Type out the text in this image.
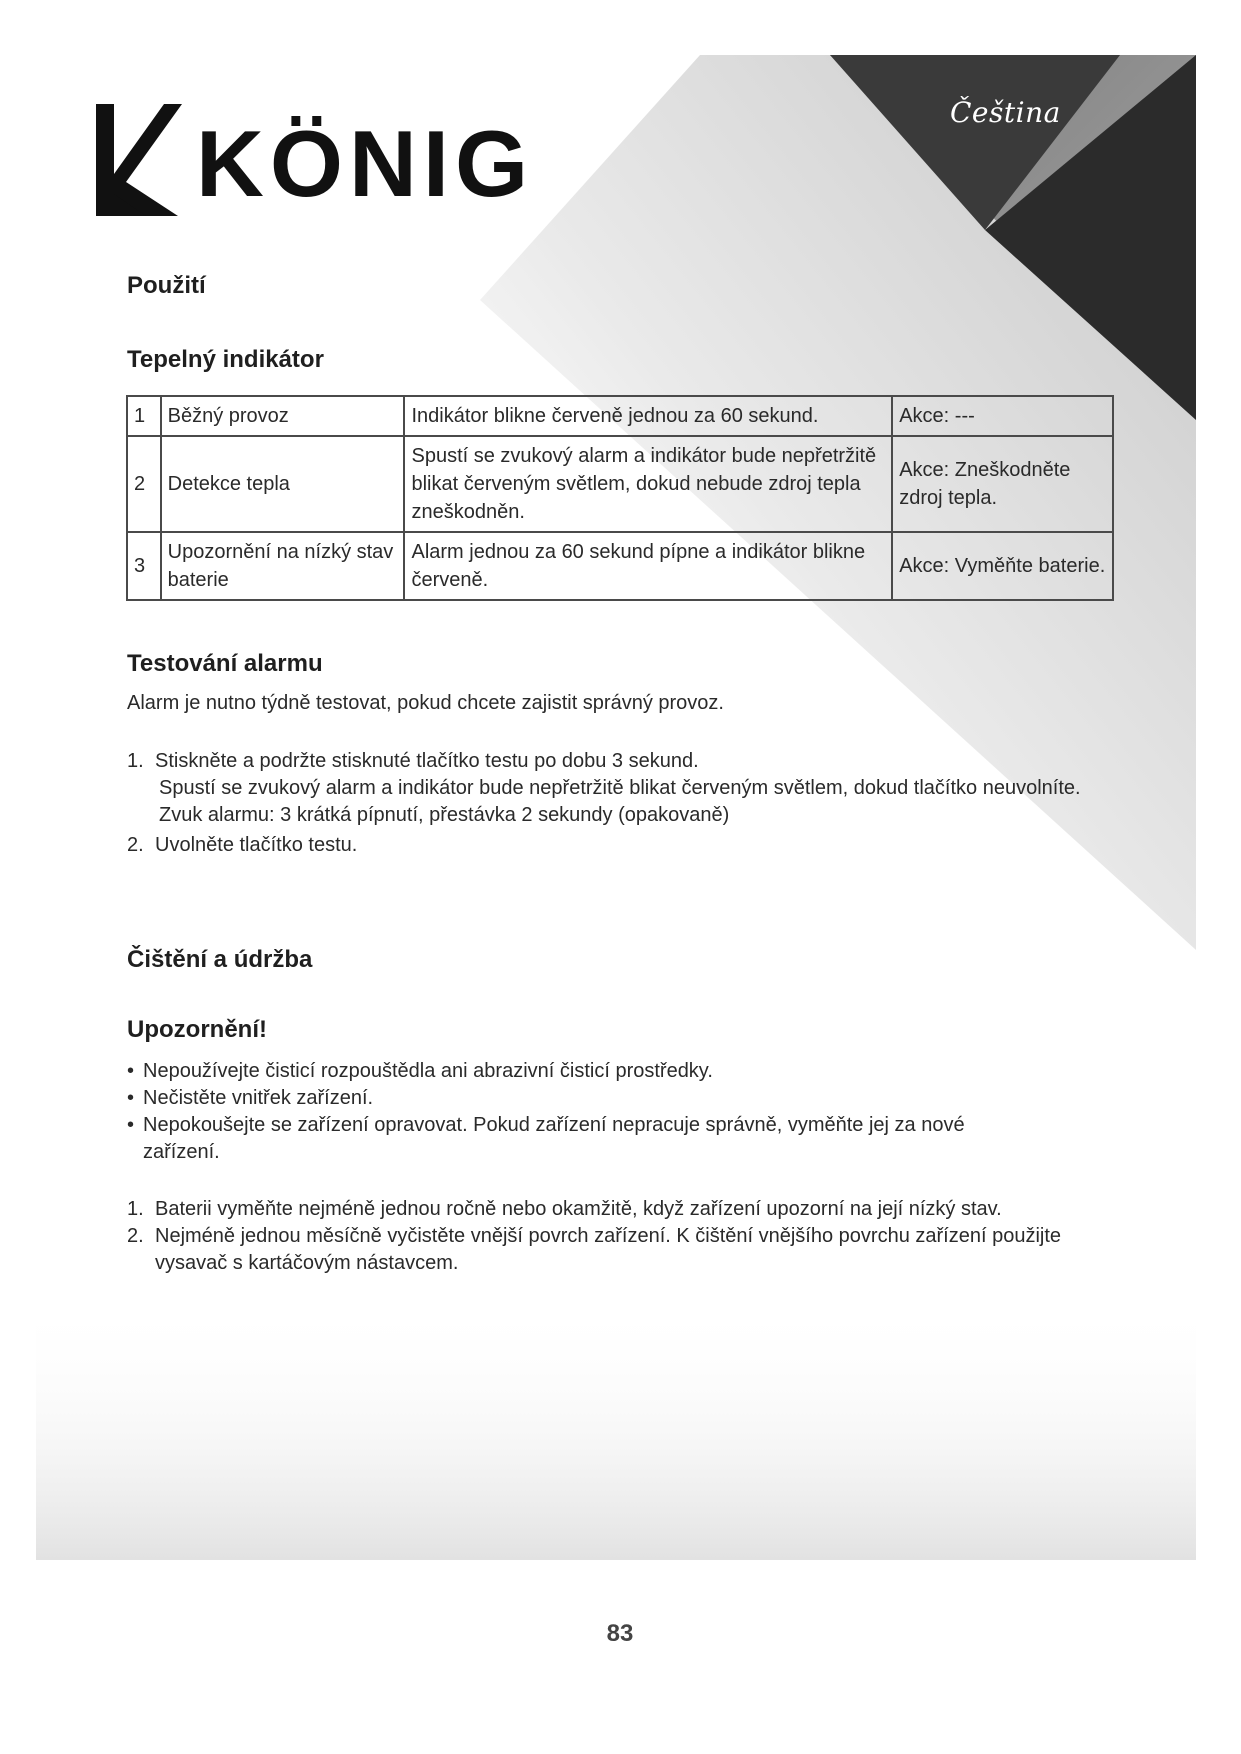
KÖNIG	Čeština
Použití
Tepelný indikátor
1	Běžný provoz	Indikátor blikne červeně jednou za 60 sekund.	Akce: ---
2	Detekce tepla	Spustí se zvukový alarm a indikátor bude nepřetržitě blikat červeným světlem, dokud nebude zdroj tepla zneškodněn.	Akce: Zneškodněte zdroj tepla.
3	Upozornění na nízký stav baterie	Alarm jednou za 60 sekund pípne a indikátor blikne červeně.	Akce: Vyměňte baterie.
Testování alarmu

Alarm je nutno týdně testovat, pokud chcete zajistit správný provoz.

1. Stiskněte a podržte stisknuté tlačítko testu po dobu 3 sekund.
Spustí se zvukový alarm a indikátor bude nepřetržitě blikat červeným světlem, dokud tlačítko neuvolníte.
Zvuk alarmu: 3 krátká pípnutí, přestávka 2 sekundy (opakovaně)
2. Uvolněte tlačítko testu.
Čištění a údržba
Upozornění!
• Nepoužívejte čisticí rozpouštědla ani abrazivní čisticí prostředky.
• Nečistěte vnitřek zařízení.
• Nepokoušejte se zařízení opravovat. Pokud zařízení nepracuje správně, vyměňte jej za nové zařízení.
1. Baterii vyměňte nejméně jednou ročně nebo okamžitě, když zařízení upozorní na její nízký stav.
2. Nejméně jednou měsíčně vyčistěte vnější povrch zařízení. K čištění vnějšího povrchu zařízení použijte vysavač s kartáčovým nástavcem.
83
